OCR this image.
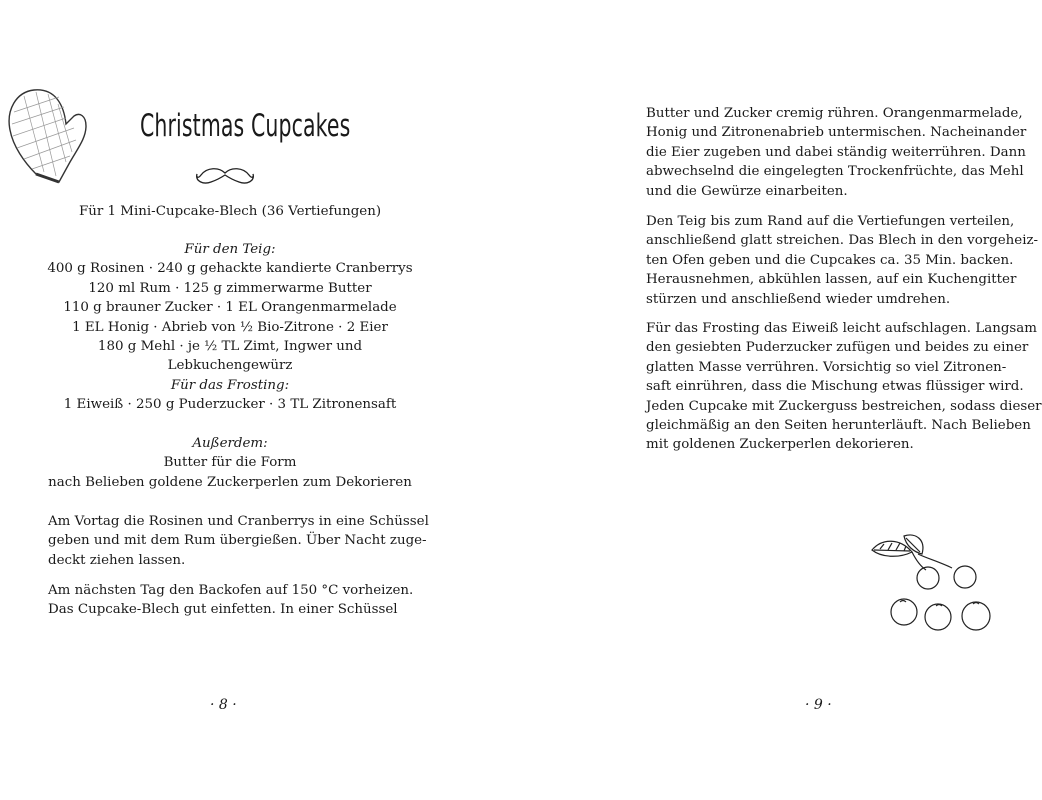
Christmas Cupcakes
Für 1 Mini-Cupcake-Blech (36 Vertiefungen)
Für den Teig:
400 g Rosinen · 240 g gehackte kandierte Cranberrys
120 ml Rum · 125 g zimmerwarme Butter
110 g brauner Zucker · 1 EL Orangenmarmelade
1 EL Honig · Abrieb von ½ Bio-Zitrone · 2 Eier
180 g Mehl · je ½ TL Zimt, Ingwer und Lebkuchengewürz
Für das Frosting:
1 Eiweiß · 250 g Puderzucker · 3 TL Zitronensaft
Außerdem:
Butter für die Form
nach Belieben goldene Zuckerperlen zum Dekorieren
Am Vortag die Rosinen und Cranberrys in eine Schüssel
geben und mit dem Rum übergießen. Über Nacht zuge-
deckt ziehen lassen.
Am nächsten Tag den Backofen auf 150 °C vorheizen.
Das Cupcake-Blech gut einfetten. In einer Schüssel
· 8 ·
Butter und Zucker cremig rühren. Orangenmarmelade,
Honig und Zitronenabrieb untermischen. Nacheinander
die Eier zugeben und dabei ständig weiterrühren. Dann
abwechselnd die eingelegten Trockenfrüchte, das Mehl
und die Gewürze einarbeiten.
Den Teig bis zum Rand auf die Vertiefungen verteilen,
anschließend glatt streichen. Das Blech in den vorgeheiz-
ten Ofen geben und die Cupcakes ca. 35 Min. backen.
Herausnehmen, abkühlen lassen, auf ein Kuchengitter
stürzen und anschließend wieder umdrehen.
Für das Frosting das Eiweiß leicht aufschlagen. Langsam
den gesiebten Puderzucker zufügen und beides zu einer
glatten Masse verrühren. Vorsichtig so viel Zitronen-
saft einrühren, dass die Mischung etwas flüssiger wird.
Jeden Cupcake mit Zuckerguss bestreichen, sodass dieser
gleichmäßig an den Seiten herunterläuft. Nach Belieben
mit goldenen Zuckerperlen dekorieren.
· 9 ·
